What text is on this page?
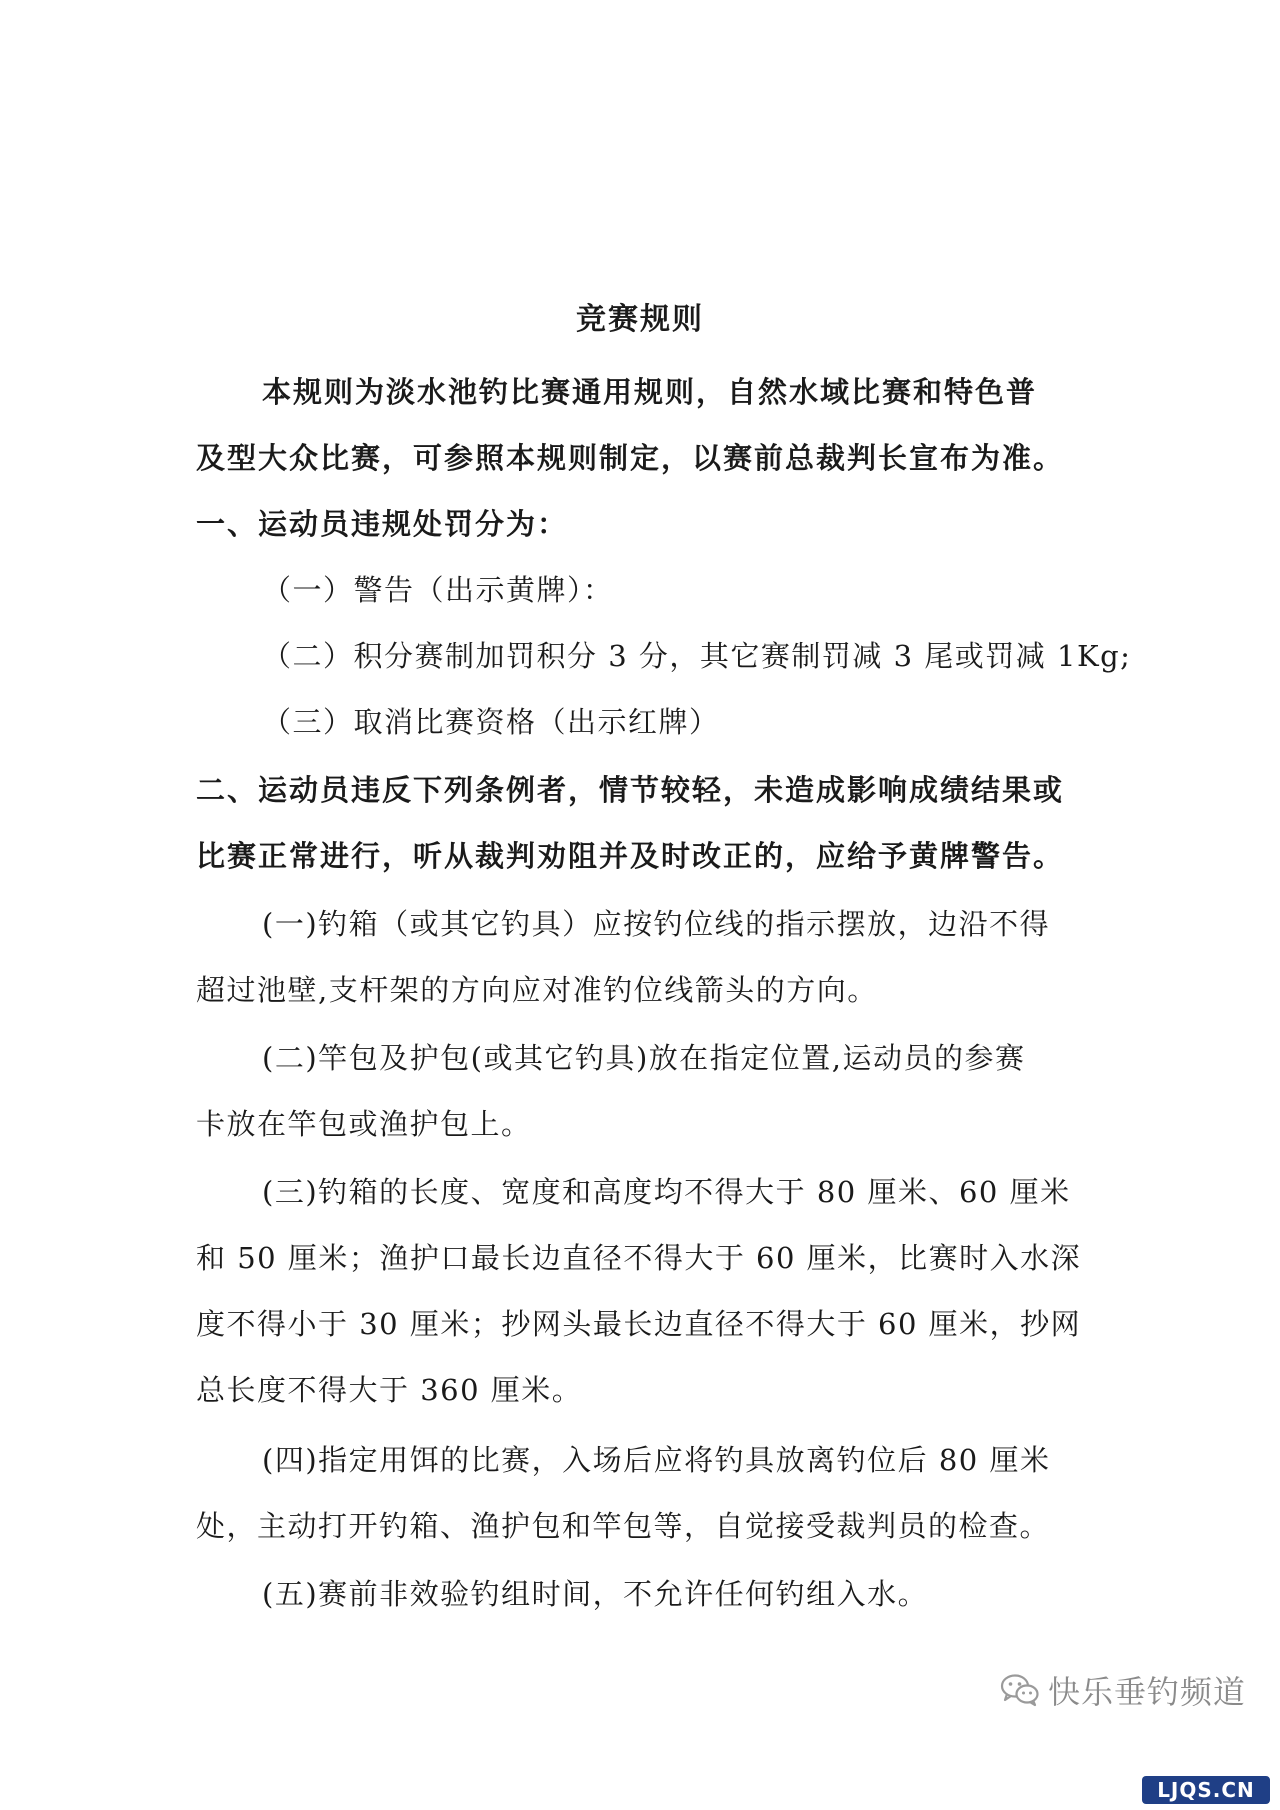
竞赛规则
本规则为淡水池钓比赛通用规则，自然水域比赛和特色普
及型大众比赛，可参照本规则制定，以赛前总裁判长宣布为准。
一、运动员违规处罚分为：
（一）警告（出示黄牌）：
（二）积分赛制加罚积分 3 分，其它赛制罚减 3 尾或罚减 1Kg;
（三）取消比赛资格（出示红牌）
二、运动员违反下列条例者，情节较轻，未造成影响成绩结果或
比赛正常进行，听从裁判劝阻并及时改正的，应给予黄牌警告。
(一)钓箱（或其它钓具）应按钓位线的指示摆放，边沿不得
超过池壁,支杆架的方向应对准钓位线箭头的方向。
(二)竿包及护包(或其它钓具)放在指定位置,运动员的参赛
卡放在竿包或渔护包上。
(三)钓箱的长度、宽度和高度均不得大于 80 厘米、60 厘米
和 50 厘米；渔护口最长边直径不得大于 60 厘米，比赛时入水深
度不得小于 30 厘米；抄网头最长边直径不得大于 60 厘米，抄网
总长度不得大于 360 厘米。
(四)指定用饵的比赛，入场后应将钓具放离钓位后 80 厘米
处，主动打开钓箱、渔护包和竿包等，自觉接受裁判员的检查。
(五)赛前非效验钓组时间，不允许任何钓组入水。
快乐垂钓频道
LJQS.CN
